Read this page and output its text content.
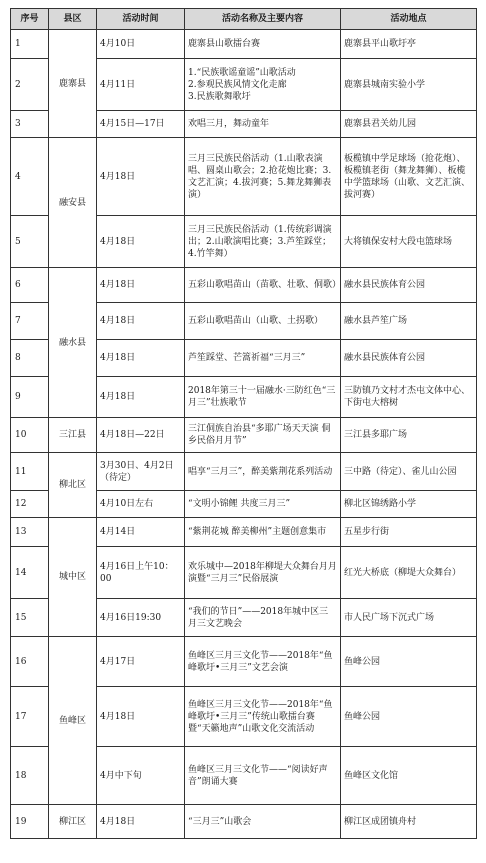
序号	县区	活动时间	活动名称及主要内容	活动地点
1	鹿寨县	4月10日	鹿寨县山歌擂台赛	鹿寨县平山歌圩亭
2		4月11日	1.“民族歌谣童谣”山歌活动
2.参观民族风情文化走廊
3.民族歌舞歌圩	鹿寨县城南实验小学
3		4月15日—17日	欢唱三月，舞动童年	鹿寨县君关幼儿园
4	融安县	4月18日	三月三民族民俗活动（1.山歌表演唱、圆桌山歌会；2.抢花炮比赛；3.文艺汇演；4.拔河赛；5.舞龙舞狮表演）	板榄镇中学足球场（抢花炮）、板榄镇老街（舞龙舞狮）、板榄中学篮球场（山歌、文艺汇演、拔河赛）
5		4月18日	三月三民族民俗活动（1.传统彩调演出；2.山歌演唱比赛；3.芦笙踩堂；4.竹竿舞）	大将镇保安村大段屯篮球场
6	融水县	4月18日	五彩山歌唱苗山（苗歌、壮歌、侗歌）	融水县民族体育公园
7		4月18日	五彩山歌唱苗山（山歌、土拐歌）	融水县芦笙广场
8		4月18日	芦笙踩堂、芒篙祈福“三月三”	融水县民族体育公园
9		4月18日	2018年第三十一届融水·三防红色“三月三”壮族歌节	三防镇乃文村才杰屯文体中心、下街屯大榕树
10	三江县	4月18日—22日	三江侗族自治县“多耶广场天天演 侗乡民俗月月节”	三江县多耶广场
11	柳北区	3月30日、4月2日（待定）	唱享“三月三”，醉美紫荆花系列活动	三中路（待定）、雀儿山公园
12		4月10日左右	“文明小锦鲤 共度三月三”	柳北区锦绣路小学
13	城中区	4月14日	“紫荆花城 醉美柳州”主题创意集市	五星步行街
14		4月16日上午10：00	欢乐城中—2018年柳堤大众舞台月月演暨“三月三”民俗展演	红光大桥底（柳堤大众舞台）
15		4月16日19:30	“我们的节日”——2018年城中区三月三文艺晚会	市人民广场下沉式广场
16	鱼峰区	4月17日	鱼峰区三月三文化节——2018年“鱼峰歌圩•三月三”文艺会演	鱼峰公园
17		4月18日	鱼峰区三月三文化节——2018年“鱼峰歌圩•三月三”传统山歌擂台赛暨“天籁地声”山歌文化交流活动	鱼峰公园
18		4月中下旬	鱼峰区三月三文化节——“阅读好声音”朗诵大赛	鱼峰区文化馆
19	柳江区	4月18日	“三月三”山歌会	柳江区成团镇舟村
